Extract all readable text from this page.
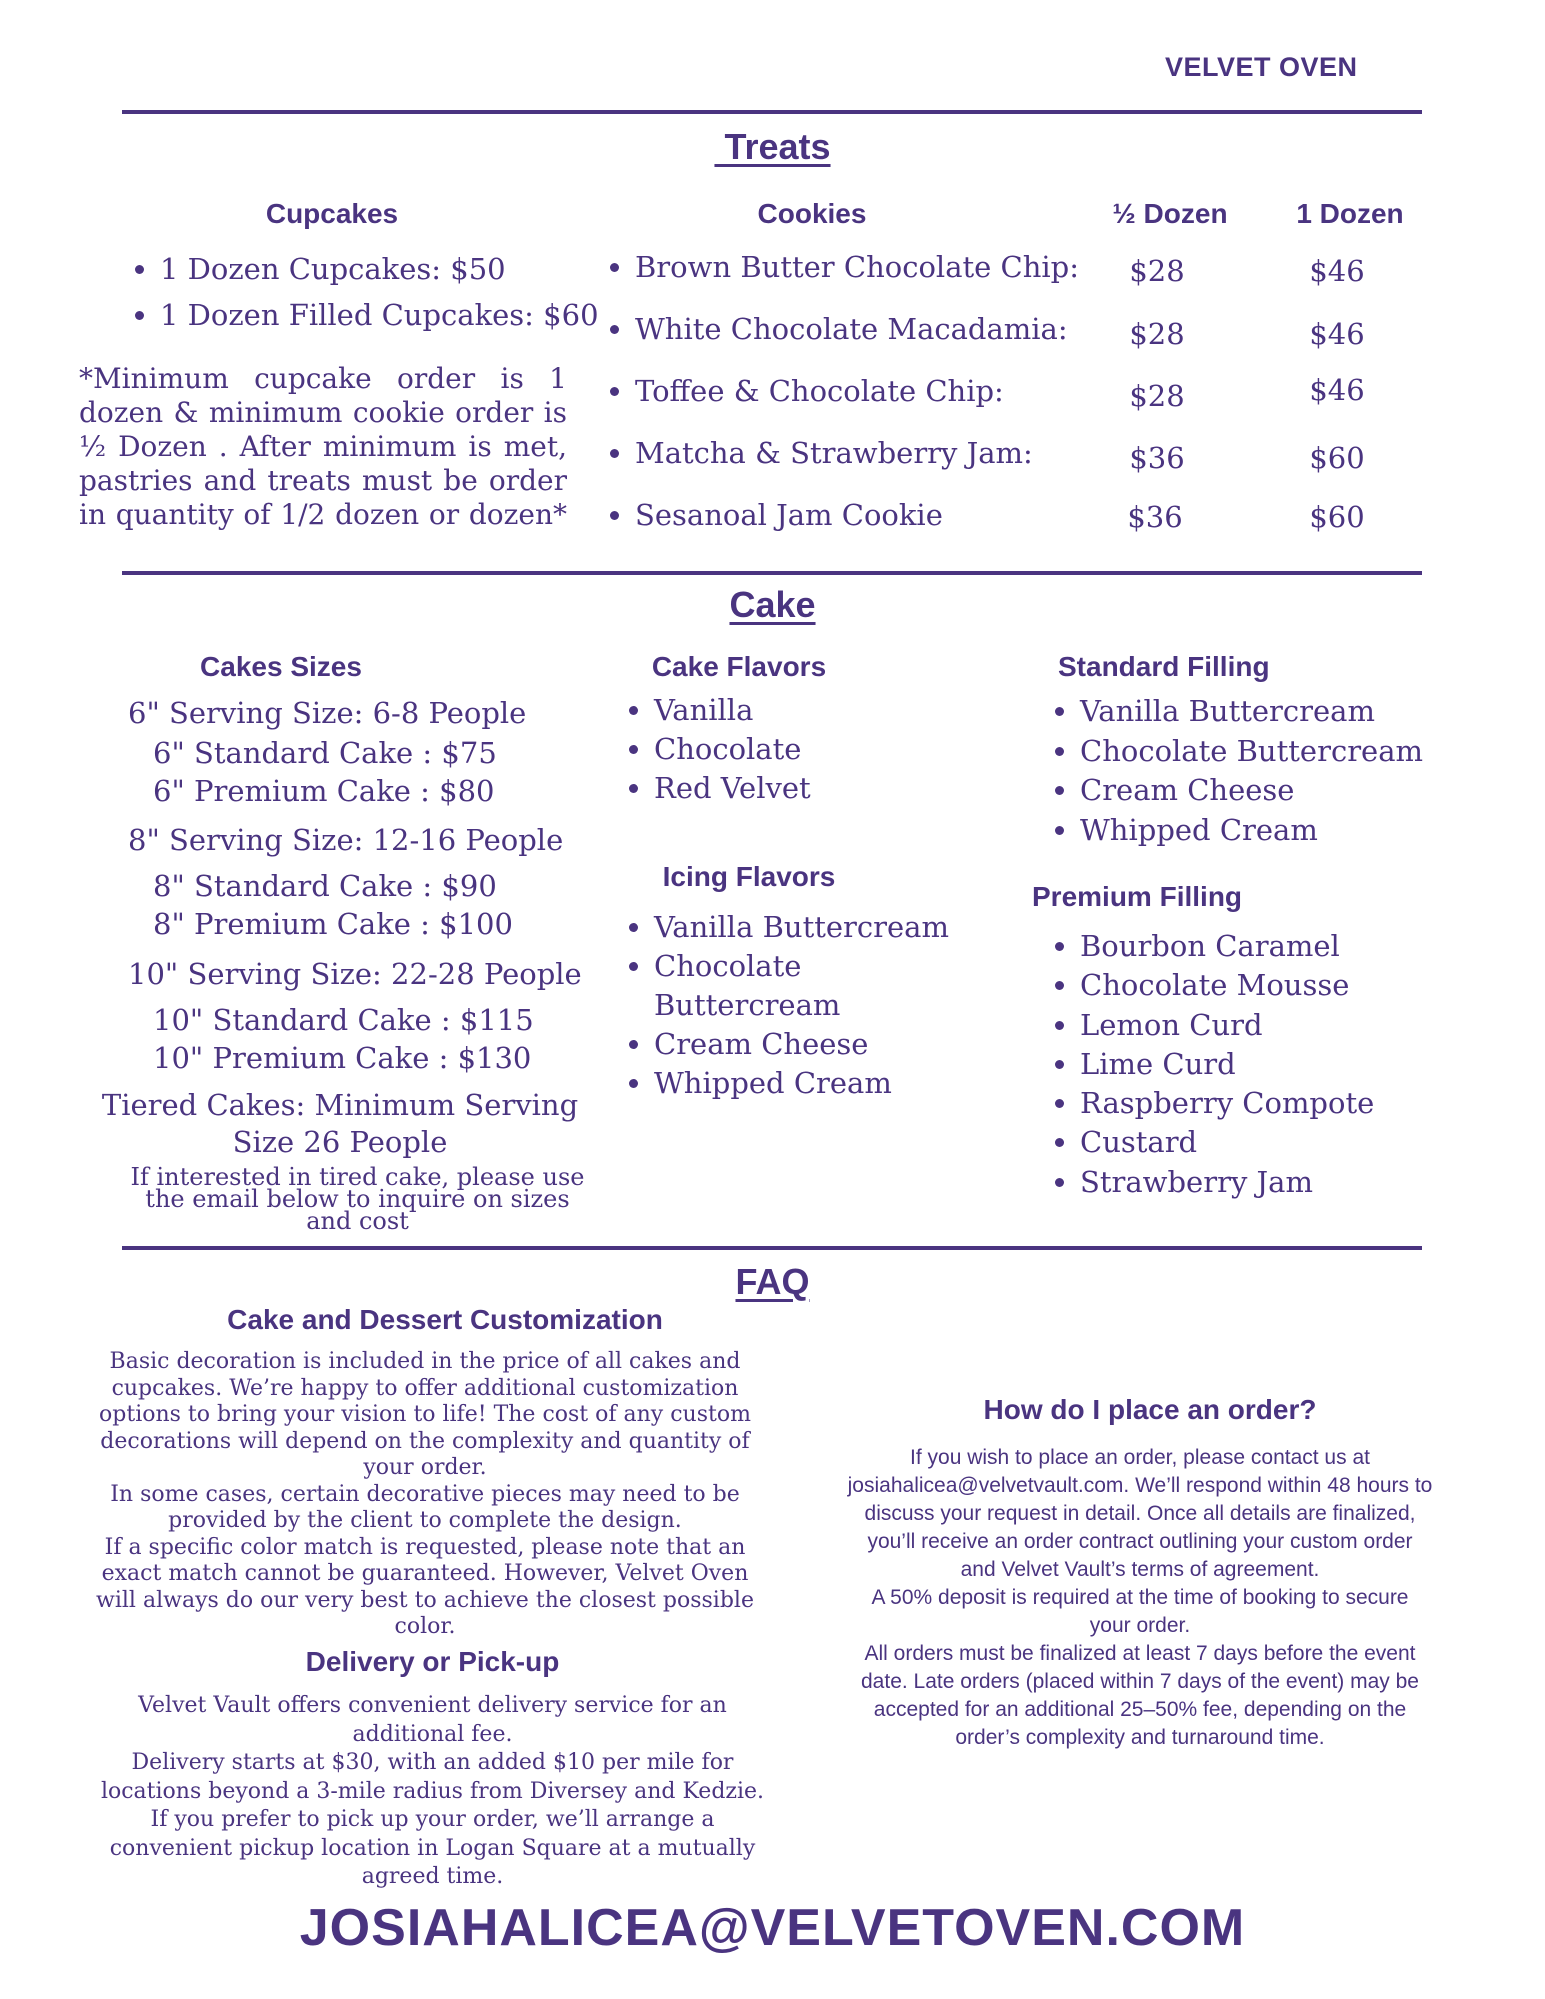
VELVET OVEN
Treats
Cupcakes
• 1 Dozen Cupcakes: $50
• 1 Dozen Filled Cupcakes: $60
*Minimum cupcake order is 1
dozen & minimum cookie order is
½ Dozen . After minimum is met,
pastries and treats must be order
in quantity of 1/2 dozen or dozen*
Cookies	½ Dozen	1 Dozen
• Brown Butter Chocolate Chip:
• White Chocolate Macadamia:
• Toffee & Chocolate Chip:
• Matcha & Strawberry Jam:
• Sesanoal Jam Cookie
$28
$28
$28
$36
$36
$46
$46
$46
$60
$60
Cake
Cakes Sizes
6" Serving Size: 6-8 People
6" Standard Cake : $75
6" Premium Cake : $80
8" Serving Size: 12-16 People
8" Standard Cake : $90
8" Premium Cake : $100
10" Serving Size: 22-28 People
10" Standard Cake : $115
10" Premium Cake : $130
Tiered Cakes: Minimum Serving
Size 26 People
If interested in tired cake, please use
the email below to inquire on sizes
and cost
Cake Flavors
• Vanilla
• Chocolate
• Red Velvet
Icing Flavors
• Vanilla Buttercream
• Chocolate
Buttercream
• Cream Cheese
• Whipped Cream
Standard Filling
• Vanilla Buttercream
• Chocolate Buttercream
• Cream Cheese
• Whipped Cream
Premium Filling
• Bourbon Caramel
• Chocolate Mousse
• Lemon Curd
• Lime Curd
• Raspberry Compote
• Custard
• Strawberry Jam
FAQ
Cake and Dessert Customization
Basic decoration is included in the price of all cakes and
cupcakes. We’re happy to offer additional customization
options to bring your vision to life! The cost of any custom
decorations will depend on the complexity and quantity of
your order.
In some cases, certain decorative pieces may need to be
provided by the client to complete the design.
If a specific color match is requested, please note that an
exact match cannot be guaranteed. However, Velvet Oven
will always do our very best to achieve the closest possible
color.
Delivery or Pick-up
Velvet Vault offers convenient delivery service for an
additional fee.
Delivery starts at $30, with an added $10 per mile for
locations beyond a 3-mile radius from Diversey and Kedzie.
If you prefer to pick up your order, we’ll arrange a
convenient pickup location in Logan Square at a mutually
agreed time.
How do I place an order?
If you wish to place an order, please contact us at
josiahalicea@velvetvault.com. We’ll respond within 48 hours to
discuss your request in detail. Once all details are finalized,
you’ll receive an order contract outlining your custom order
and Velvet Vault’s terms of agreement.
A 50% deposit is required at the time of booking to secure
your order.
All orders must be finalized at least 7 days before the event
date. Late orders (placed within 7 days of the event) may be
accepted for an additional 25–50% fee, depending on the
order’s complexity and turnaround time.
JOSIAHALICEA@VELVETOVEN.COM
